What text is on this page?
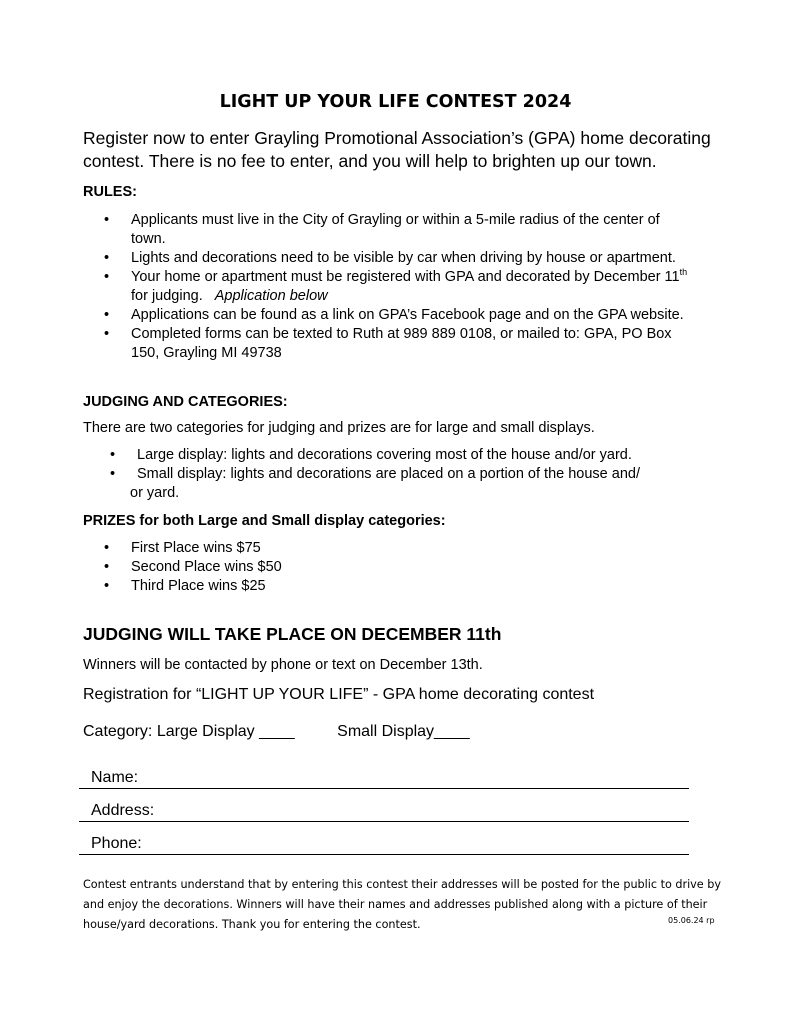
LIGHT UP YOUR LIFE CONTEST 2024
Register now to enter Grayling Promotional Association’s (GPA) home decorating
contest. There is no fee to enter, and you will help to brighten up our town.
RULES:
• Applicants must live in the City of Grayling or within a 5-mile radius of the center of
town.
• Lights and decorations need to be visible by car when driving by house or apartment.
• Your home or apartment must be registered with GPA and decorated by December 11th
for judging. Application below
• Applications can be found as a link on GPA’s Facebook page and on the GPA website.
• Completed forms can be texted to Ruth at 989 889 0108, or mailed to: GPA, PO Box
150, Grayling MI 49738
JUDGING AND CATEGORIES:
There are two categories for judging and prizes are for large and small displays.
• Large display: lights and decorations covering most of the house and/or yard.
• Small display: lights and decorations are placed on a portion of the house and/
or yard.
PRIZES for both Large and Small display categories:
• First Place wins $75
• Second Place wins $50
• Third Place wins $25
JUDGING WILL TAKE PLACE ON DECEMBER 11th
Winners will be contacted by phone or text on December 13th.
Registration for “LIGHT UP YOUR LIFE” - GPA home decorating contest
Category: Large Display ____	Small Display____
Name:
Address:
Phone:
Contest entrants understand that by entering this contest their addresses will be posted for the public to drive by
and enjoy the decorations. Winners will have their names and addresses published along with a picture of their
house/yard decorations. Thank you for entering the contest.	05.06.24 rp
